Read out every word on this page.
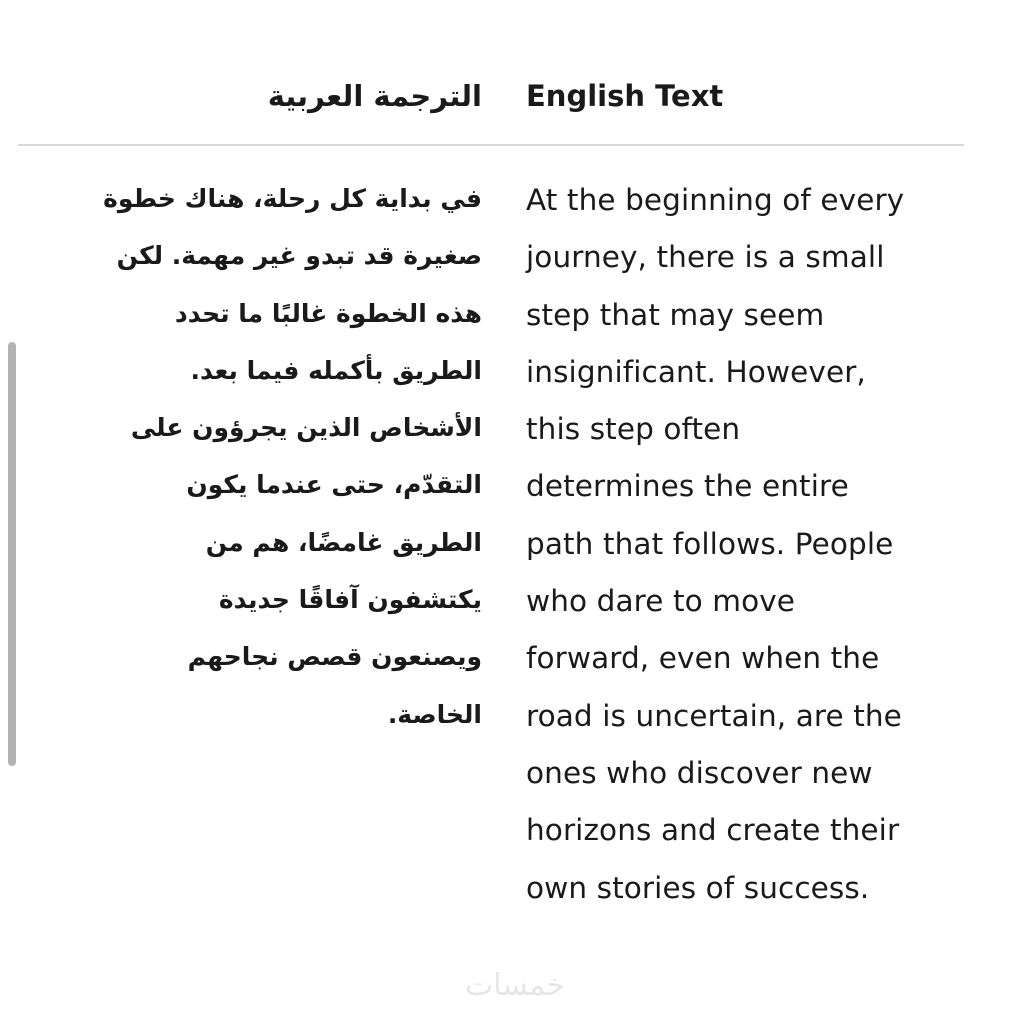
الترجمة العربية English Text
في بداية كل رحلة، هناك خطوة
صغيرة قد تبدو غير مهمة. لكن
هذه الخطوة غالبًا ما تحدد
الطريق بأكمله فيما بعد.
الأشخاص الذين يجرؤون على
التقدّم، حتى عندما يكون
الطريق غامضًا، هم من
يكتشفون آفاقًا جديدة
ويصنعون قصص نجاحهم
الخاصة.
At the beginning of every
journey, there is a small
step that may seem
insignificant. However,
this step often
determines the entire
path that follows. People
who dare to move
forward, even when the
road is uncertain, are the
ones who discover new
horizons and create their
own stories of success.
خمسات
